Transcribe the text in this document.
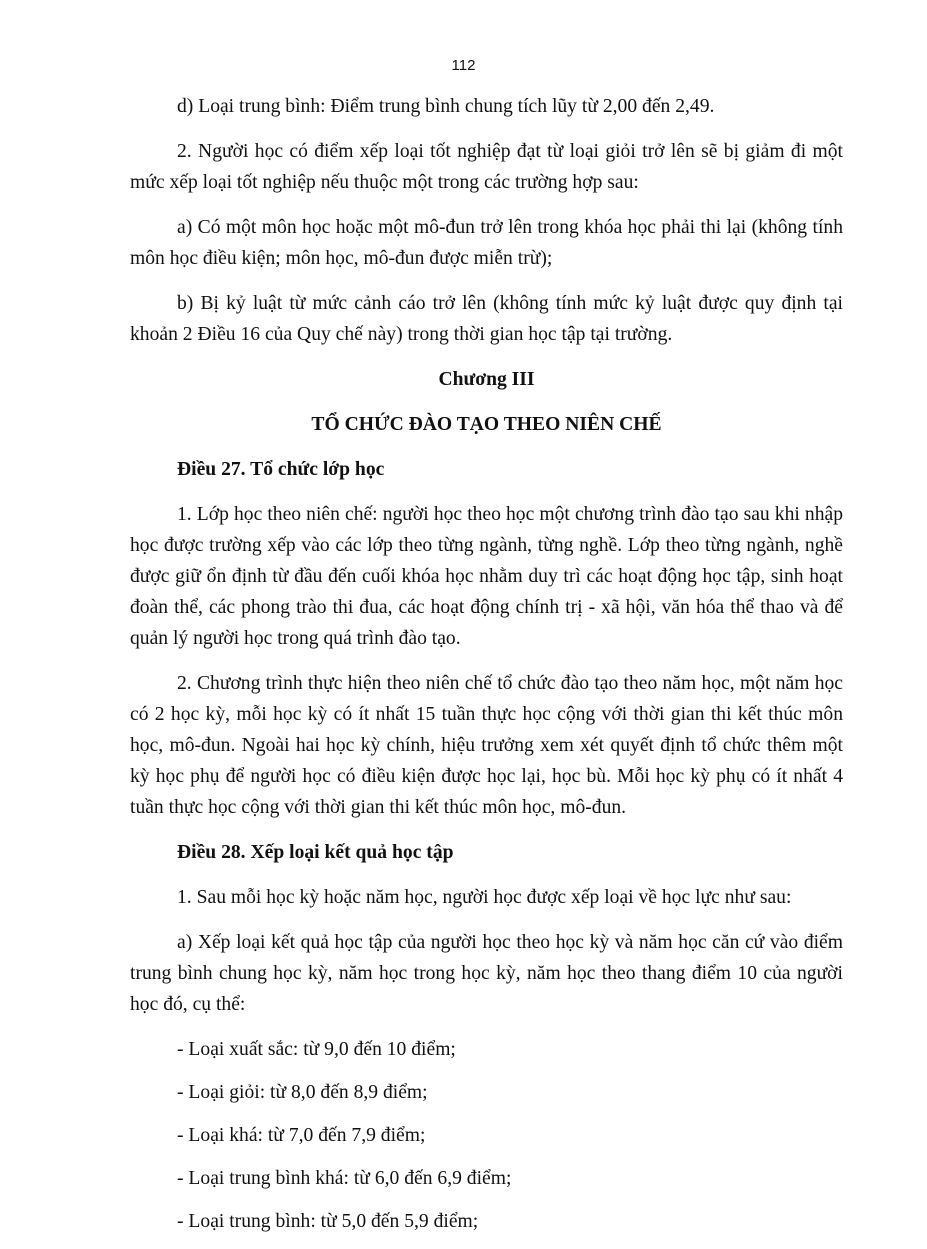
112

d) Loại trung bình: Điểm trung bình chung tích lũy từ 2,00 đến 2,49.

2. Người học có điểm xếp loại tốt nghiệp đạt từ loại giỏi trở lên sẽ bị giảm đi một mức xếp loại tốt nghiệp nếu thuộc một trong các trường hợp sau:

a) Có một môn học hoặc một mô-đun trở lên trong khóa học phải thi lại (không tính môn học điều kiện; môn học, mô-đun được miễn trừ);

b) Bị kỷ luật từ mức cảnh cáo trở lên (không tính mức kỷ luật được quy định tại khoản 2 Điều 16 của Quy chế này) trong thời gian học tập tại trường.

Chương III

TỔ CHỨC ĐÀO TẠO THEO NIÊN CHẾ

Điều 27. Tổ chức lớp học

1. Lớp học theo niên chế: người học theo học một chương trình đào tạo sau khi nhập học được trường xếp vào các lớp theo từng ngành, từng nghề. Lớp theo từng ngành, nghề được giữ ổn định từ đầu đến cuối khóa học nhằm duy trì các hoạt động học tập, sinh hoạt đoàn thể, các phong trào thi đua, các hoạt động chính trị - xã hội, văn hóa thể thao và để quản lý người học trong quá trình đào tạo.

2. Chương trình thực hiện theo niên chế tổ chức đào tạo theo năm học, một năm học có 2 học kỳ, mỗi học kỳ có ít nhất 15 tuần thực học cộng với thời gian thi kết thúc môn học, mô-đun. Ngoài hai học kỳ chính, hiệu trưởng xem xét quyết định tổ chức thêm một kỳ học phụ để người học có điều kiện được học lại, học bù. Mỗi học kỳ phụ có ít nhất 4 tuần thực học cộng với thời gian thi kết thúc môn học, mô-đun.

Điều 28. Xếp loại kết quả học tập

1. Sau mỗi học kỳ hoặc năm học, người học được xếp loại về học lực như sau:

a) Xếp loại kết quả học tập của người học theo học kỳ và năm học căn cứ vào điểm trung bình chung học kỳ, năm học trong học kỳ, năm học theo thang điểm 10 của người học đó, cụ thể:

- Loại xuất sắc: từ 9,0 đến 10 điểm;

- Loại giỏi: từ 8,0 đến 8,9 điểm;

- Loại khá: từ 7,0 đến 7,9 điểm;

- Loại trung bình khá: từ 6,0 đến 6,9 điểm;

- Loại trung bình: từ 5,0 đến 5,9 điểm;
